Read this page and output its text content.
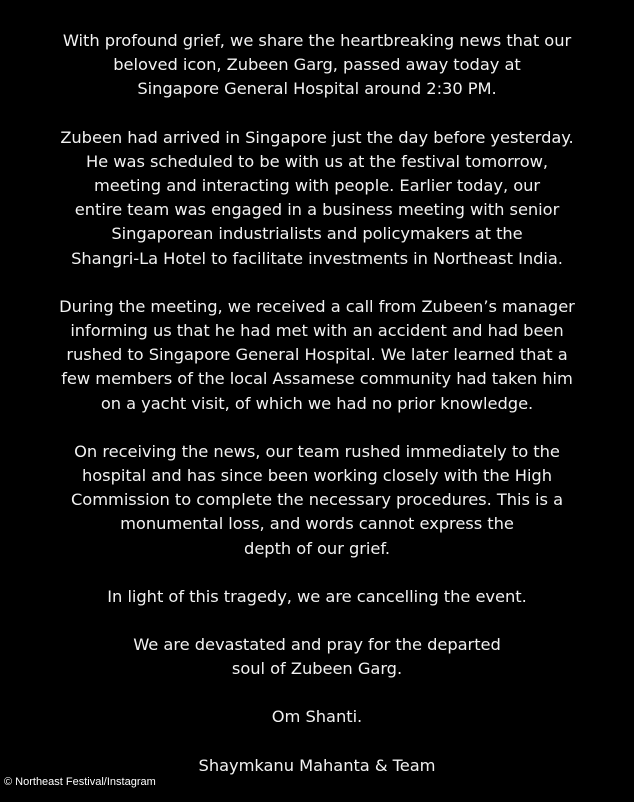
With profound grief, we share the heartbreaking news that our
beloved icon, Zubeen Garg, passed away today at
Singapore General Hospital around 2:30 PM.

Zubeen had arrived in Singapore just the day before yesterday.
He was scheduled to be with us at the festival tomorrow,
meeting and interacting with people. Earlier today, our
entire team was engaged in a business meeting with senior
Singaporean industrialists and policymakers at the
Shangri-La Hotel to facilitate investments in Northeast India.

During the meeting, we received a call from Zubeen’s manager
informing us that he had met with an accident and had been
rushed to Singapore General Hospital. We later learned that a
few members of the local Assamese community had taken him
on a yacht visit, of which we had no prior knowledge.

On receiving the news, our team rushed immediately to the
hospital and has since been working closely with the High
Commission to complete the necessary procedures. This is a
monumental loss, and words cannot express the
depth of our grief.

In light of this tragedy, we are cancelling the event.

We are devastated and pray for the departed
soul of Zubeen Garg.

Om Shanti.

Shaymkanu Mahanta & Team

© Northeast Festival/Instagram
